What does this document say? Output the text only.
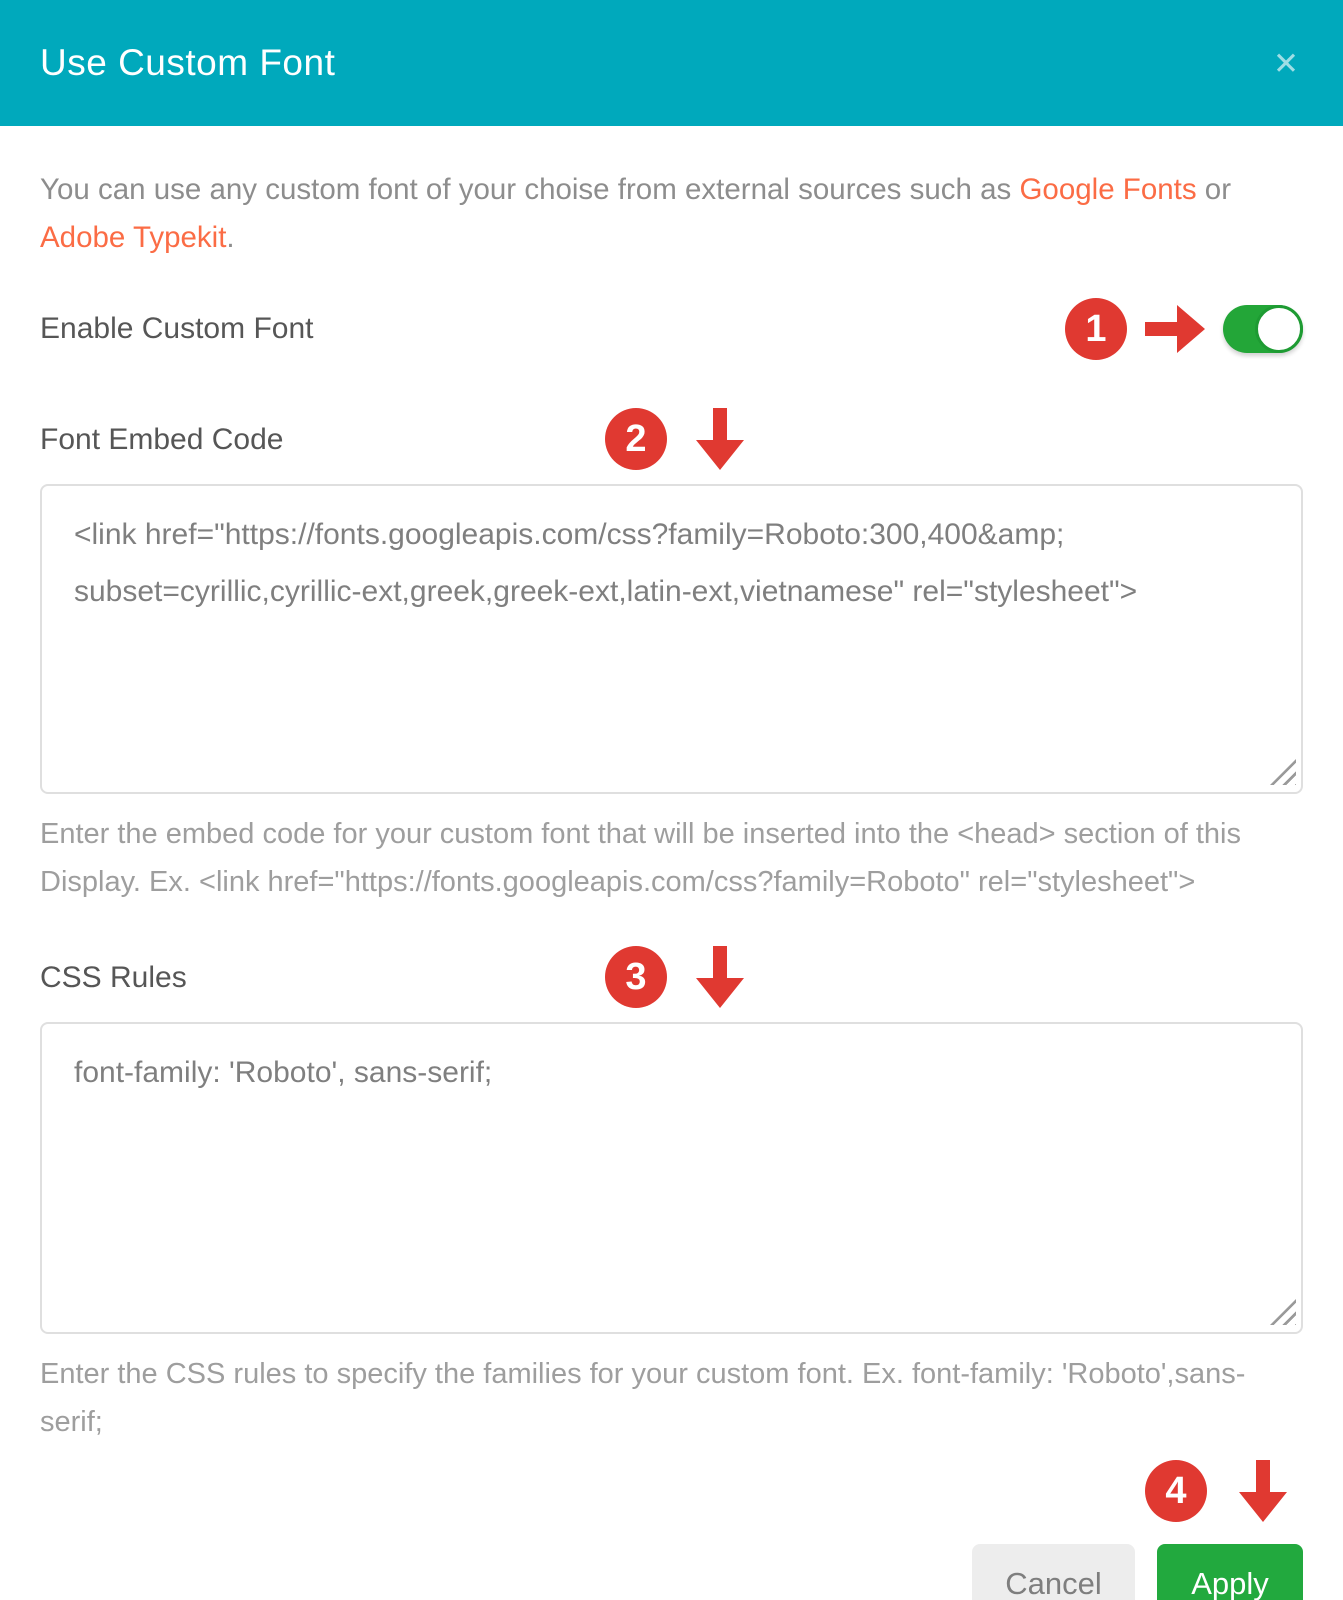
Use Custom Font	✕

You can use any custom font of your choise from external sources such as Google Fonts or Adobe Typekit.

Enable Custom Font	1
Font Embed Code	2
<link href="https://fonts.googleapis.com/css?family=Roboto:300,400&amp; subset=cyrillic,cyrillic-ext,greek,greek-ext,latin-ext,vietnamese" rel="stylesheet">

Enter the embed code for your custom font that will be inserted into the <head> section of this Display. Ex. <link href="https://fonts.googleapis.com/css?family=Roboto" rel="stylesheet">

CSS Rules	3
font-family: 'Roboto', sans-serif;

Enter the CSS rules to specify the families for your custom font. Ex. font-family: 'Roboto',sans-serif;

4
Cancel	Apply
